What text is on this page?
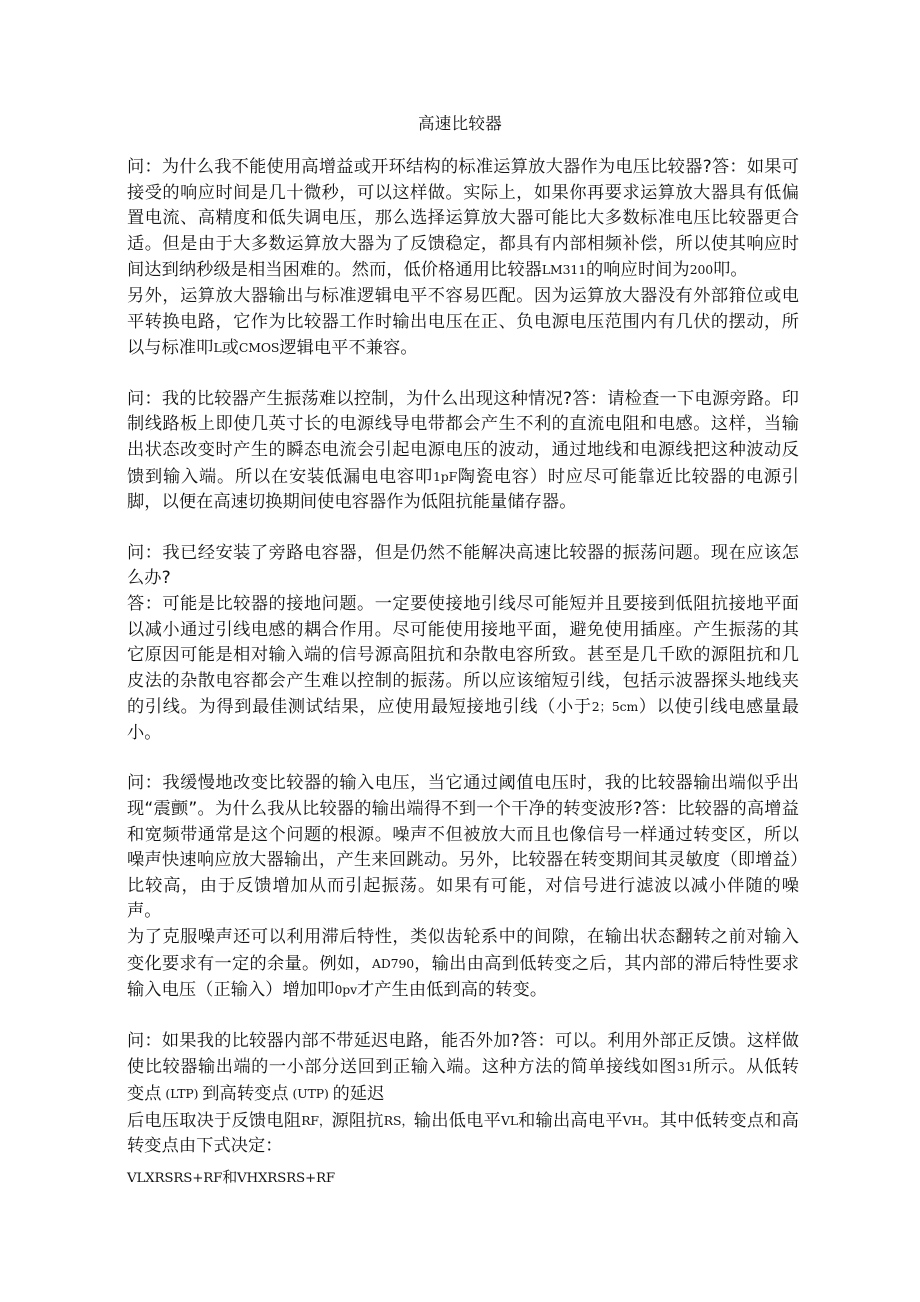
高速比较器

问：为什么我不能使用高增益或开环结构的标准运算放大器作为电压比较器?答：如果可接受的响应时间是几十微秒，可以这样做。实际上，如果你再要求运算放大器具有低偏置电流、高精度和低失调电压，那么选择运算放大器可能比大多数标准电压比较器更合适。但是由于大多数运算放大器为了反馈稳定，都具有内部相频补偿，所以使其响应时间达到纳秒级是相当困难的。然而，低价格通用比较器LM311的响应时间为200叩。

另外，运算放大器输出与标准逻辑电平不容易匹配。因为运算放大器没有外部箝位或电平转换电路，它作为比较器工作时输出电压在正、负电源电压范围内有几伏的摆动，所以与标准叩L或CMOS逻辑电平不兼容。

问：我的比较器产生振荡难以控制，为什么出现这种情况?答：请检查一下电源旁路。印制线路板上即使几英寸长的电源线导电带都会产生不利的直流电阻和电感。这样，当输出状态改变时产生的瞬态电流会引起电源电压的波动，通过地线和电源线把这种波动反馈到输入端。所以在安装低漏电电容叩1pF陶瓷电容）时应尽可能靠近比较器的电源引脚，以便在高速切换期间使电容器作为低阻抗能量储存器。

问：我已经安装了旁路电容器，但是仍然不能解决高速比较器的振荡问题。现在应该怎么办?

答：可能是比较器的接地问题。一定要使接地引线尽可能短并且要接到低阻抗接地平面以减小通过引线电感的耦合作用。尽可能使用接地平面，避免使用插座。产生振荡的其它原因可能是相对输入端的信号源高阻抗和杂散电容所致。甚至是几千欧的源阻抗和几皮法的杂散电容都会产生难以控制的振荡。所以应该缩短引线，包括示波器探头地线夹的引线。为得到最佳测试结果，应使用最短接地引线（小于2；5cm）以使引线电感量最小。

问：我缓慢地改变比较器的输入电压，当它通过阈值电压时，我的比较器输出端似乎出现“震颤”。为什么我从比较器的输出端得不到一个干净的转变波形?答：比较器的高增益和宽频带通常是这个问题的根源。噪声不但被放大而且也像信号一样通过转变区，所以噪声快速响应放大器输出，产生来回跳动。另外，比较器在转变期间其灵敏度（即增益）比较高，由于反馈增加从而引起振荡。如果有可能，对信号进行滤波以减小伴随的噪声。

为了克服噪声还可以利用滞后特性，类似齿轮系中的间隙，在输出状态翻转之前对输入变化要求有一定的余量。例如，AD790，输出由高到低转变之后，其内部的滞后特性要求输入电压（正输入）增加叩0pv才产生由低到高的转变。

问：如果我的比较器内部不带延迟电路，能否外加?答：可以。利用外部正反馈。这样做使比较器输出端的一小部分送回到正输入端。这种方法的简单接线如图31所示。从低转变点 (LTP) 到高转变点 (UTP) 的延迟

后电压取决于反馈电阻RF，源阻抗RS，输出低电平VL和输出高电平VH。其中低转变点和高转变点由下式决定：

VLXRSRS+RF和VHXRSRS+RF
